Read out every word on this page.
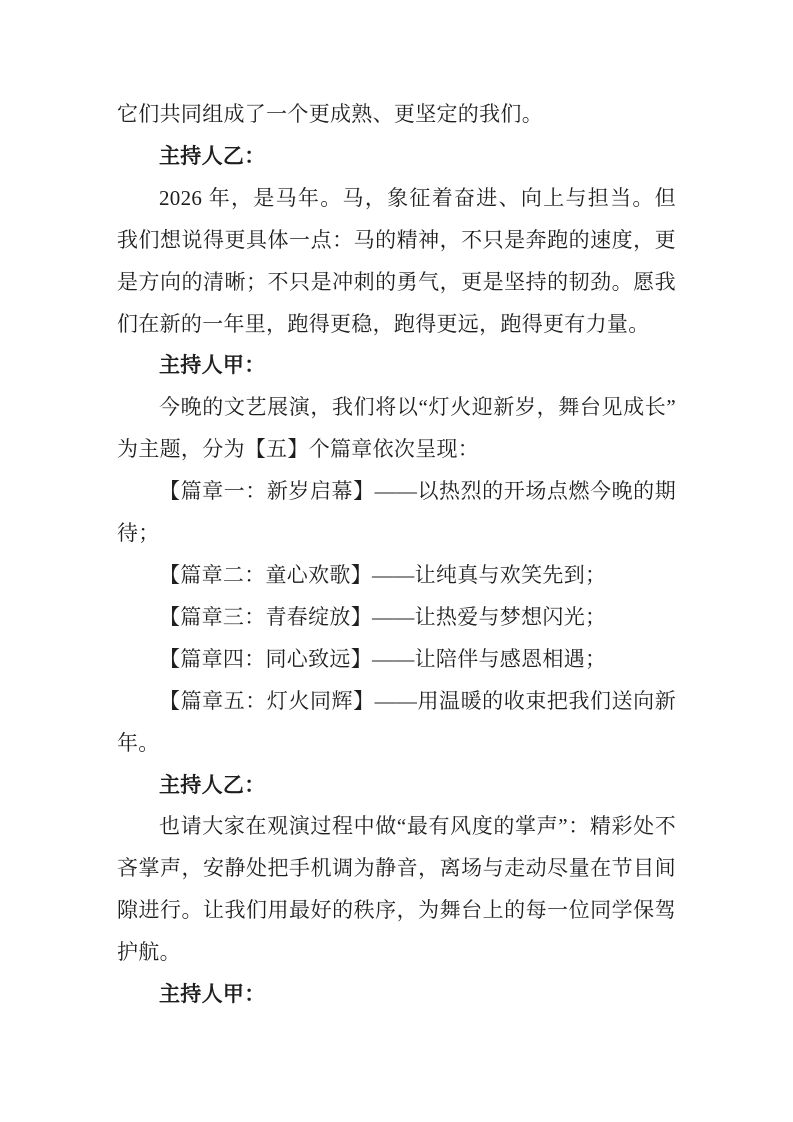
它们共同组成了一个更成熟、更坚定的我们。

主持人乙：

2026 年，是马年。马，象征着奋进、向上与担当。但我们想说得更具体一点：马的精神，不只是奔跑的速度，更是方向的清晰；不只是冲刺的勇气，更是坚持的韧劲。愿我们在新的一年里，跑得更稳，跑得更远，跑得更有力量。

主持人甲：

今晚的文艺展演，我们将以“灯火迎新岁，舞台见成长”为主题，分为【五】个篇章依次呈现：

【篇章一：新岁启幕】——以热烈的开场点燃今晚的期待；

【篇章二：童心欢歌】——让纯真与欢笑先到；

【篇章三：青春绽放】——让热爱与梦想闪光；

【篇章四：同心致远】——让陪伴与感恩相遇；

【篇章五：灯火同辉】——用温暖的收束把我们送向新年。

主持人乙：

也请大家在观演过程中做“最有风度的掌声”：精彩处不吝掌声，安静处把手机调为静音，离场与走动尽量在节目间隙进行。让我们用最好的秩序，为舞台上的每一位同学保驾护航。

主持人甲：
